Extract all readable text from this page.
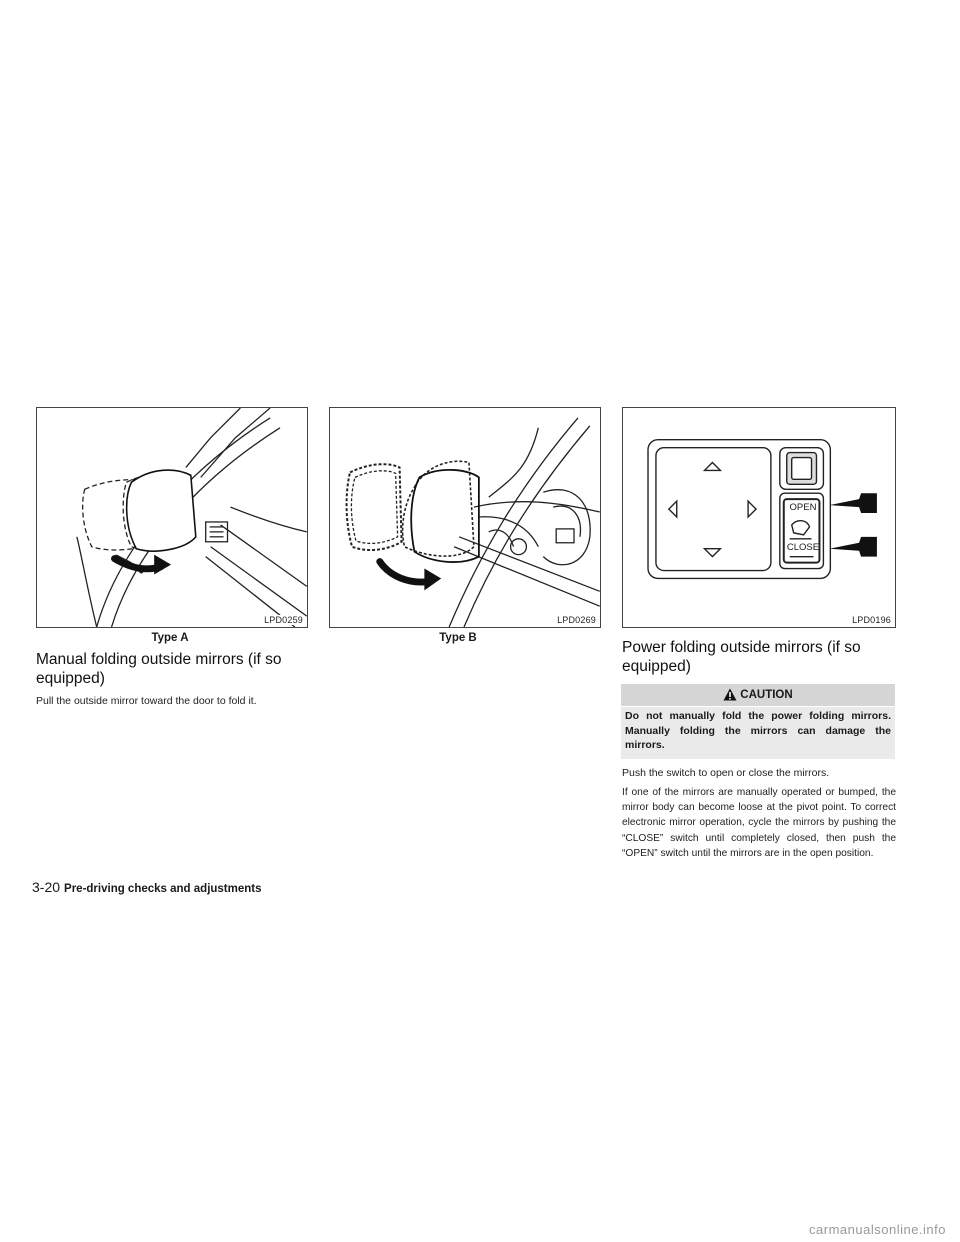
LPD0259
Type A
LPD0269
Type B
OPEN
CLOSE
LPD0196
Manual folding outside mirrors (if so equipped)

Pull the outside mirror toward the door to fold it.

Power folding outside mirrors (if so equipped)
CAUTION
Do not manually fold the power folding mirrors. Manually folding the mirrors can damage the mirrors.

Push the switch to open or close the mirrors.

If one of the mirrors are manually operated or bumped, the mirror body can become loose at the pivot point. To correct electronic mirror operation, cycle the mirrors by pushing the “CLOSE” switch until completely closed, then push the “OPEN” switch until the mirrors are in the open position.

3-20 Pre-driving checks and adjustments
carmanualsonline.info
